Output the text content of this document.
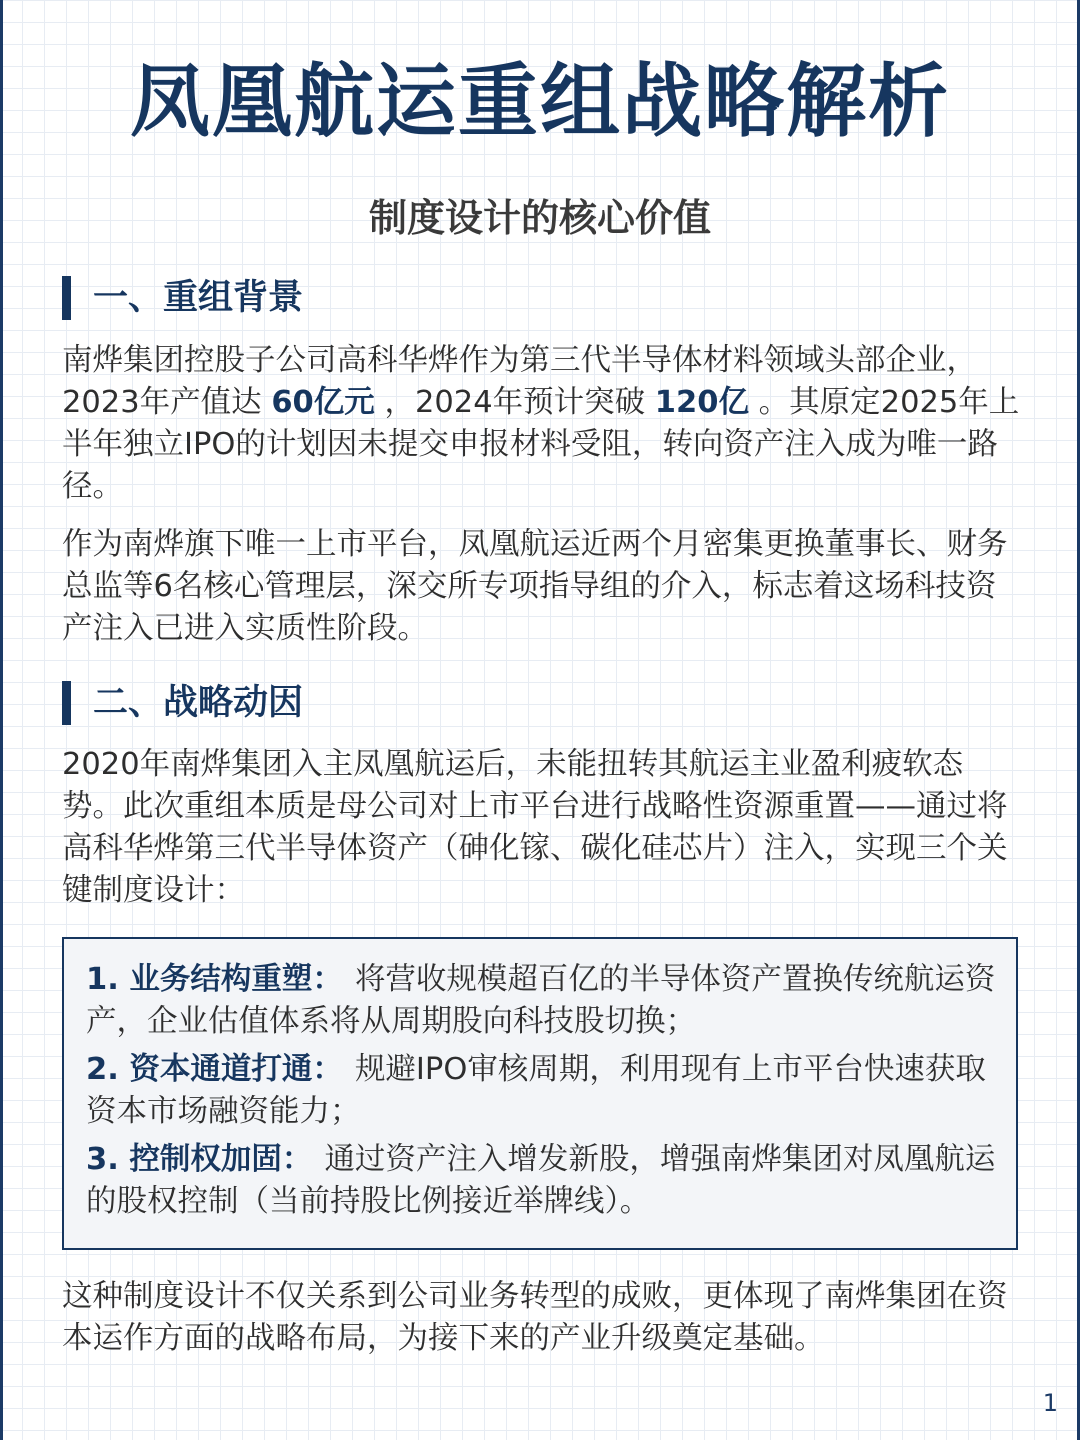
凤凰航运重组战略解析
制度设计的核心价值
一、重组背景

南烨集团控股子公司高科华烨作为第三代半导体材料领域头部企业，2023年产值达 60亿元 ，2024年预计突破 120亿 。其原定2025年上半年独立IPO的计划因未提交申报材料受阻，转向资产注入成为唯一路径。

作为南烨旗下唯一上市平台，凤凰航运近两个月密集更换董事长、财务总监等6名核心管理层，深交所专项指导组的介入，标志着这场科技资产注入已进入实质性阶段。

二、战略动因

2020年南烨集团入主凤凰航运后，未能扭转其航运主业盈利疲软态势。此次重组本质是母公司对上市平台进行战略性资源重置——通过将高科华烨第三代半导体资产（砷化镓、碳化硅芯片）注入，实现三个关键制度设计：

1. 业务结构重塑： 将营收规模超百亿的半导体资产置换传统航运资产，企业估值体系将从周期股向科技股切换；

2. 资本通道打通： 规避IPO审核周期，利用现有上市平台快速获取资本市场融资能力；

3. 控制权加固： 通过资产注入增发新股，增强南烨集团对凤凰航运的股权控制（当前持股比例接近举牌线）。

这种制度设计不仅关系到公司业务转型的成败，更体现了南烨集团在资本运作方面的战略布局，为接下来的产业升级奠定基础。

1
